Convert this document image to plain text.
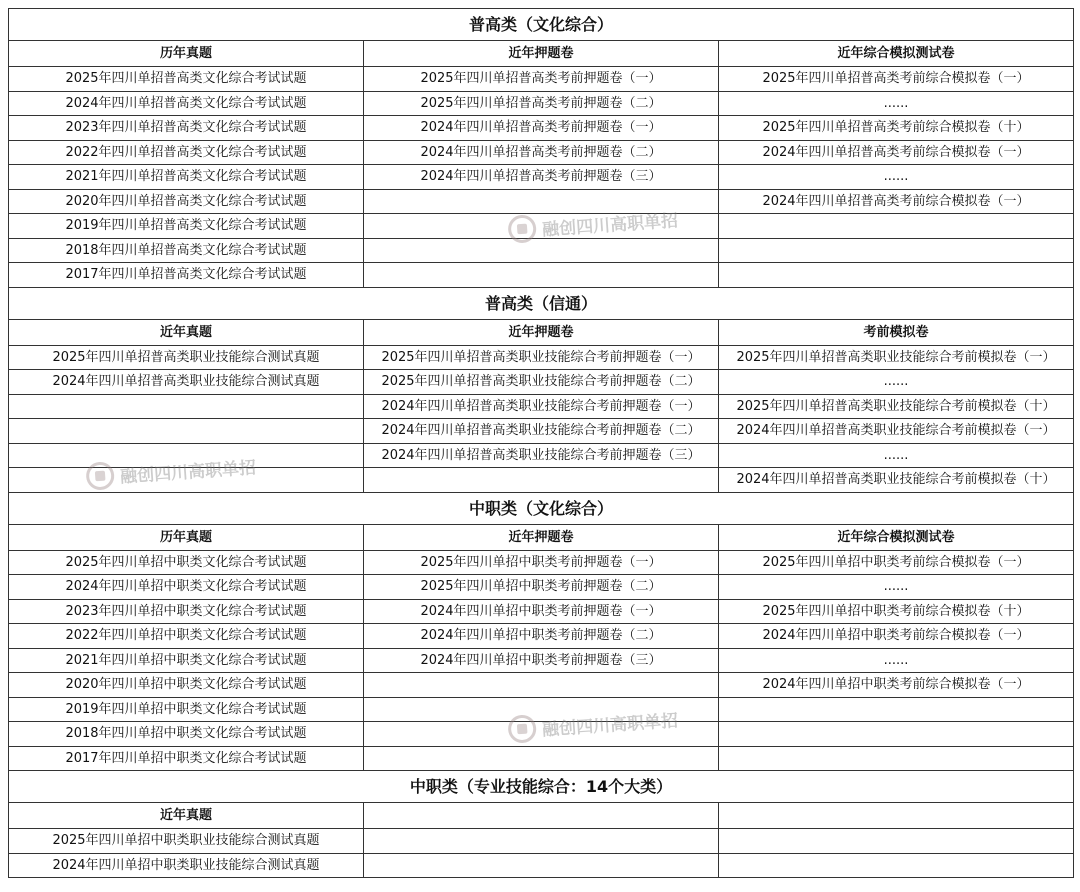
普高类（文化综合）		
历年真题	近年押题卷	近年综合模拟测试卷
2025年四川单招普高类文化综合考试试题	2025年四川单招普高类考前押题卷（一）	2025年四川单招普高类考前综合模拟卷（一）
2024年四川单招普高类文化综合考试试题	2025年四川单招普高类考前押题卷（二）	......
2023年四川单招普高类文化综合考试试题	2024年四川单招普高类考前押题卷（一）	2025年四川单招普高类考前综合模拟卷（十）
2022年四川单招普高类文化综合考试试题	2024年四川单招普高类考前押题卷（二）	2024年四川单招普高类考前综合模拟卷（一）
2021年四川单招普高类文化综合考试试题	2024年四川单招普高类考前押题卷（三）	......
2020年四川单招普高类文化综合考试试题		2024年四川单招普高类考前综合模拟卷（一）
2019年四川单招普高类文化综合考试试题		
2018年四川单招普高类文化综合考试试题		
2017年四川单招普高类文化综合考试试题		
普高类（信通）		
近年真题	近年押题卷	考前模拟卷
2025年四川单招普高类职业技能综合测试真题	2025年四川单招普高类职业技能综合考前押题卷（一）	2025年四川单招普高类职业技能综合考前模拟卷（一）
2024年四川单招普高类职业技能综合测试真题	2025年四川单招普高类职业技能综合考前押题卷（二）	......
	2024年四川单招普高类职业技能综合考前押题卷（一）	2025年四川单招普高类职业技能综合考前模拟卷（十）
	2024年四川单招普高类职业技能综合考前押题卷（二）	2024年四川单招普高类职业技能综合考前模拟卷（一）
	2024年四川单招普高类职业技能综合考前押题卷（三）	......
		2024年四川单招普高类职业技能综合考前模拟卷（十）
中职类（文化综合）		
历年真题	近年押题卷	近年综合模拟测试卷
2025年四川单招中职类文化综合考试试题	2025年四川单招中职类考前押题卷（一）	2025年四川单招中职类考前综合模拟卷（一）
2024年四川单招中职类文化综合考试试题	2025年四川单招中职类考前押题卷（二）	......
2023年四川单招中职类文化综合考试试题	2024年四川单招中职类考前押题卷（一）	2025年四川单招中职类考前综合模拟卷（十）
2022年四川单招中职类文化综合考试试题	2024年四川单招中职类考前押题卷（二）	2024年四川单招中职类考前综合模拟卷（一）
2021年四川单招中职类文化综合考试试题	2024年四川单招中职类考前押题卷（三）	......
2020年四川单招中职类文化综合考试试题		2024年四川单招中职类考前综合模拟卷（一）
2019年四川单招中职类文化综合考试试题		
2018年四川单招中职类文化综合考试试题		
2017年四川单招中职类文化综合考试试题		
中职类（专业技能综合：14个大类）		
近年真题		
2025年四川单招中职类职业技能综合测试真题		
2024年四川单招中职类职业技能综合测试真题		
融创四川高职单招
融创四川高职单招
融创四川高职单招
